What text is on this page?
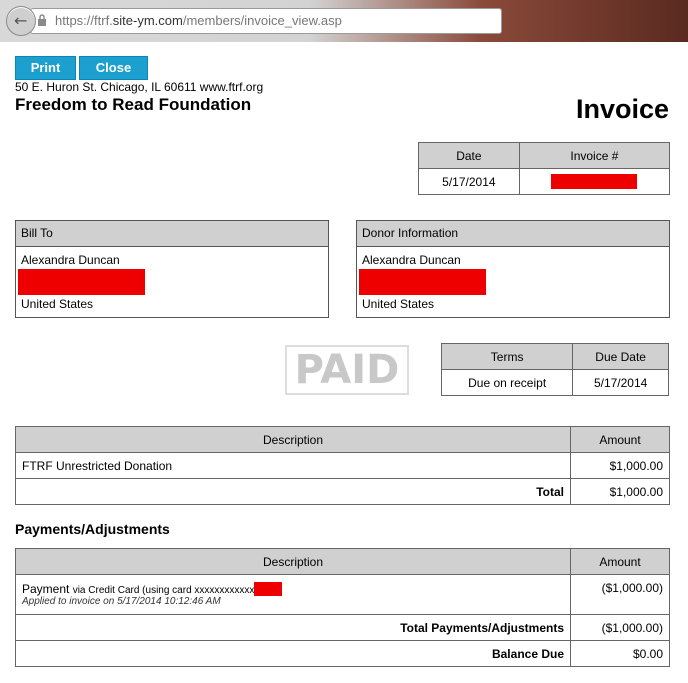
https://ftrf.site-ym.com/members/invoice_view.asp
←
Print	Close
50 E. Huron St. Chicago, IL 60611 www.ftrf.org
Freedom to Read Foundation	Invoice
Date	Invoice #
5/17/2014	
Bill To
Alexandra Duncan
United States
Donor Information
Alexandra Duncan
United States
PAID	Terms	Due Date
Due on receipt	5/17/2014
Description	Amount
FTRF Unrestricted Donation	$1,000.00
Total	$1,000.00
Payments/Adjustments
Description	Amount

Payment via Credit Card (using card xxxxxxxxxxxx
Applied to invoice on 5/17/2014 10:12:46 AM	($1,000.00)
Total Payments/Adjustments	($1,000.00)
Balance Due	$0.00
